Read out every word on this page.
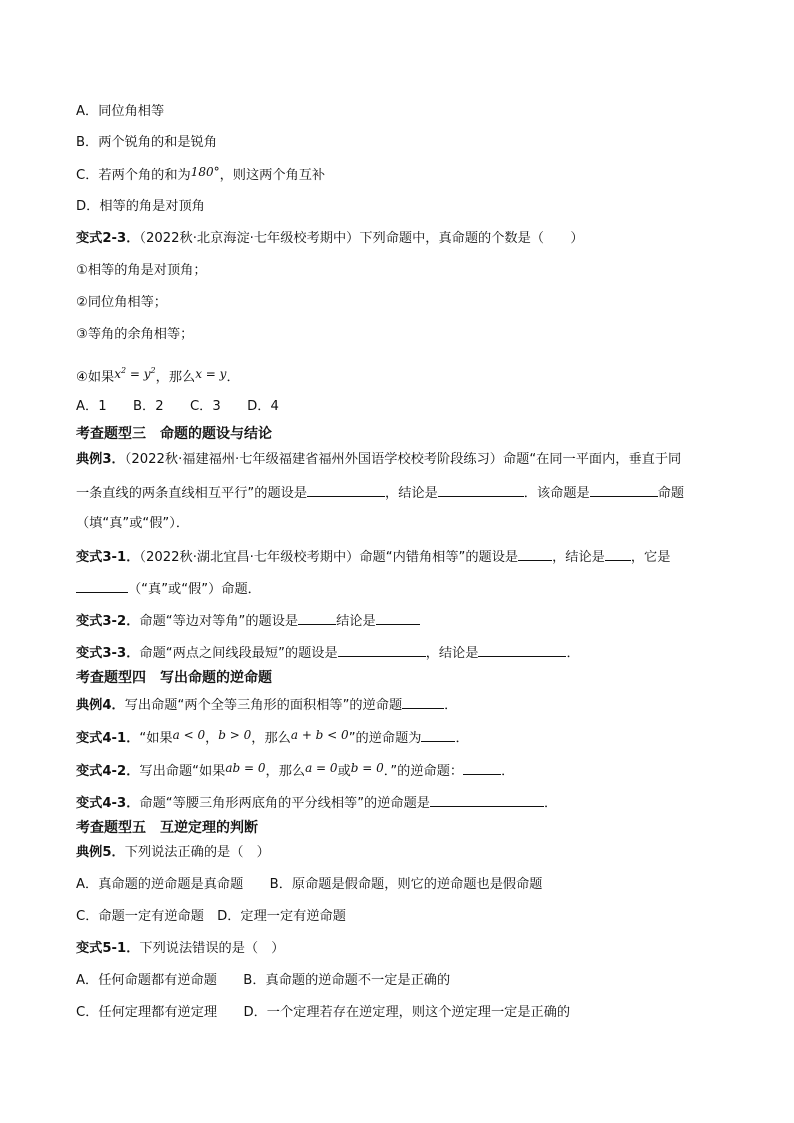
A．同位角相等
B．两个锐角的和是锐角
C．若两个角的和为180°，则这两个角互补
D．相等的角是对顶角
变式2-3．（2022秋·北京海淀·七年级校考期中）下列命题中，真命题的个数是（　　）
①相等的角是对顶角；
②同位角相等；
③等角的余角相等；
④如果$x^2 = y^2$，那么x = y．
A．1　　B．2　　C．3　　D．4
考查题型三　命题的题设与结论
典例3．（2022秋·福建福州·七年级福建省福州外国语学校校考阶段练习）命题“在同一平面内，垂直于同
一条直线的两条直线相互平行”的题设是	，结论是	．该命题是	命题
（填“真”或“假”）．
变式3-1．（2022秋·湖北宜昌·七年级校考期中）命题“内错角相等”的题设是	，结论是 ，它是
（“真”或“假”）命题．
变式3-2．命题“等边对等角”的题设是	结论是
变式3-3．命题“两点之间线段最短”的题设是	，结论是	．
考查题型四　写出命题的逆命题
典例4．写出命题“两个全等三角形的面积相等”的逆命题	．
变式4-1．“如果a < 0，b > 0，那么a + b < 0”的逆命题为	．
变式4-2．写出命题“如果ab = 0，那么a = 0或b = 0．”的逆命题：	．
变式4-3．命题“等腰三角形两底角的平分线相等”的逆命题是	．
考查题型五　互逆定理的判断
典例5．下列说法正确的是（　）
A．真命题的逆命题是真命题　　B．原命题是假命题，则它的逆命题也是假命题
C．命题一定有逆命题　D．定理一定有逆命题
变式5-1．下列说法错误的是（　）
A．任何命题都有逆命题　　B．真命题的逆命题不一定是正确的
C．任何定理都有逆定理　　D．一个定理若存在逆定理，则这个逆定理一定是正确的
